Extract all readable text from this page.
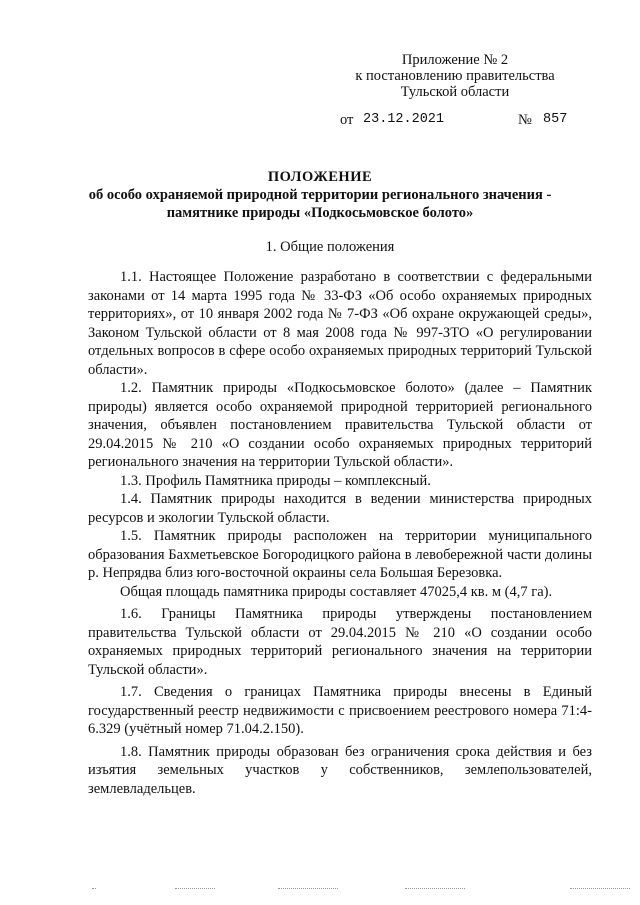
Приложение № 2
к постановлению правительства
Тульской области
от 23.12.2021	№ 857
ПОЛОЖЕНИЕ
об особо охраняемой природной территории регионального значения -
памятнике природы «Подкосьмовское болото»
1. Общие положения

1.1. Настоящее Положение разработано в соответствии с федеральными законами от 14 марта 1995 года № 33-ФЗ «Об особо охраняемых природных территориях», от 10 января 2002 года № 7-ФЗ «Об охране окружающей среды», Законом Тульской области от 8 мая 2008 года № 997-ЗТО «О регулировании отдельных вопросов в сфере особо охраняемых природных территорий Тульской области».

1.2. Памятник природы «Подкосьмовское болото» (далее – Памятник природы) является особо охраняемой природной территорией регионального значения, объявлен постановлением правительства Тульской области от 29.04.2015 № 210 «О создании особо охраняемых природных территорий регионального значения на территории Тульской области».

1.3. Профиль Памятника природы – комплексный.

1.4. Памятник природы находится в ведении министерства природных ресурсов и экологии Тульской области.

1.5. Памятник природы расположен на территории муниципального образования Бахметьевское Богородицкого района в левобережной части долины р. Непрядва близ юго-восточной окраины села Большая Березовка.

Общая площадь памятника природы составляет 47025,4 кв. м (4,7 га).

1.6. Границы Памятника природы утверждены постановлением правительства Тульской области от 29.04.2015 № 210 «О создании особо охраняемых природных территорий регионального значения на территории Тульской области».

1.7. Сведения о границах Памятника природы внесены в Единый государственный реестр недвижимости с присвоением реестрового номера 71:4-6.329 (учётный номер 71.04.2.150).

1.8. Памятник природы образован без ограничения срока действия и без изъятия земельных участков у собственников, землепользователей, землевладельцев.
